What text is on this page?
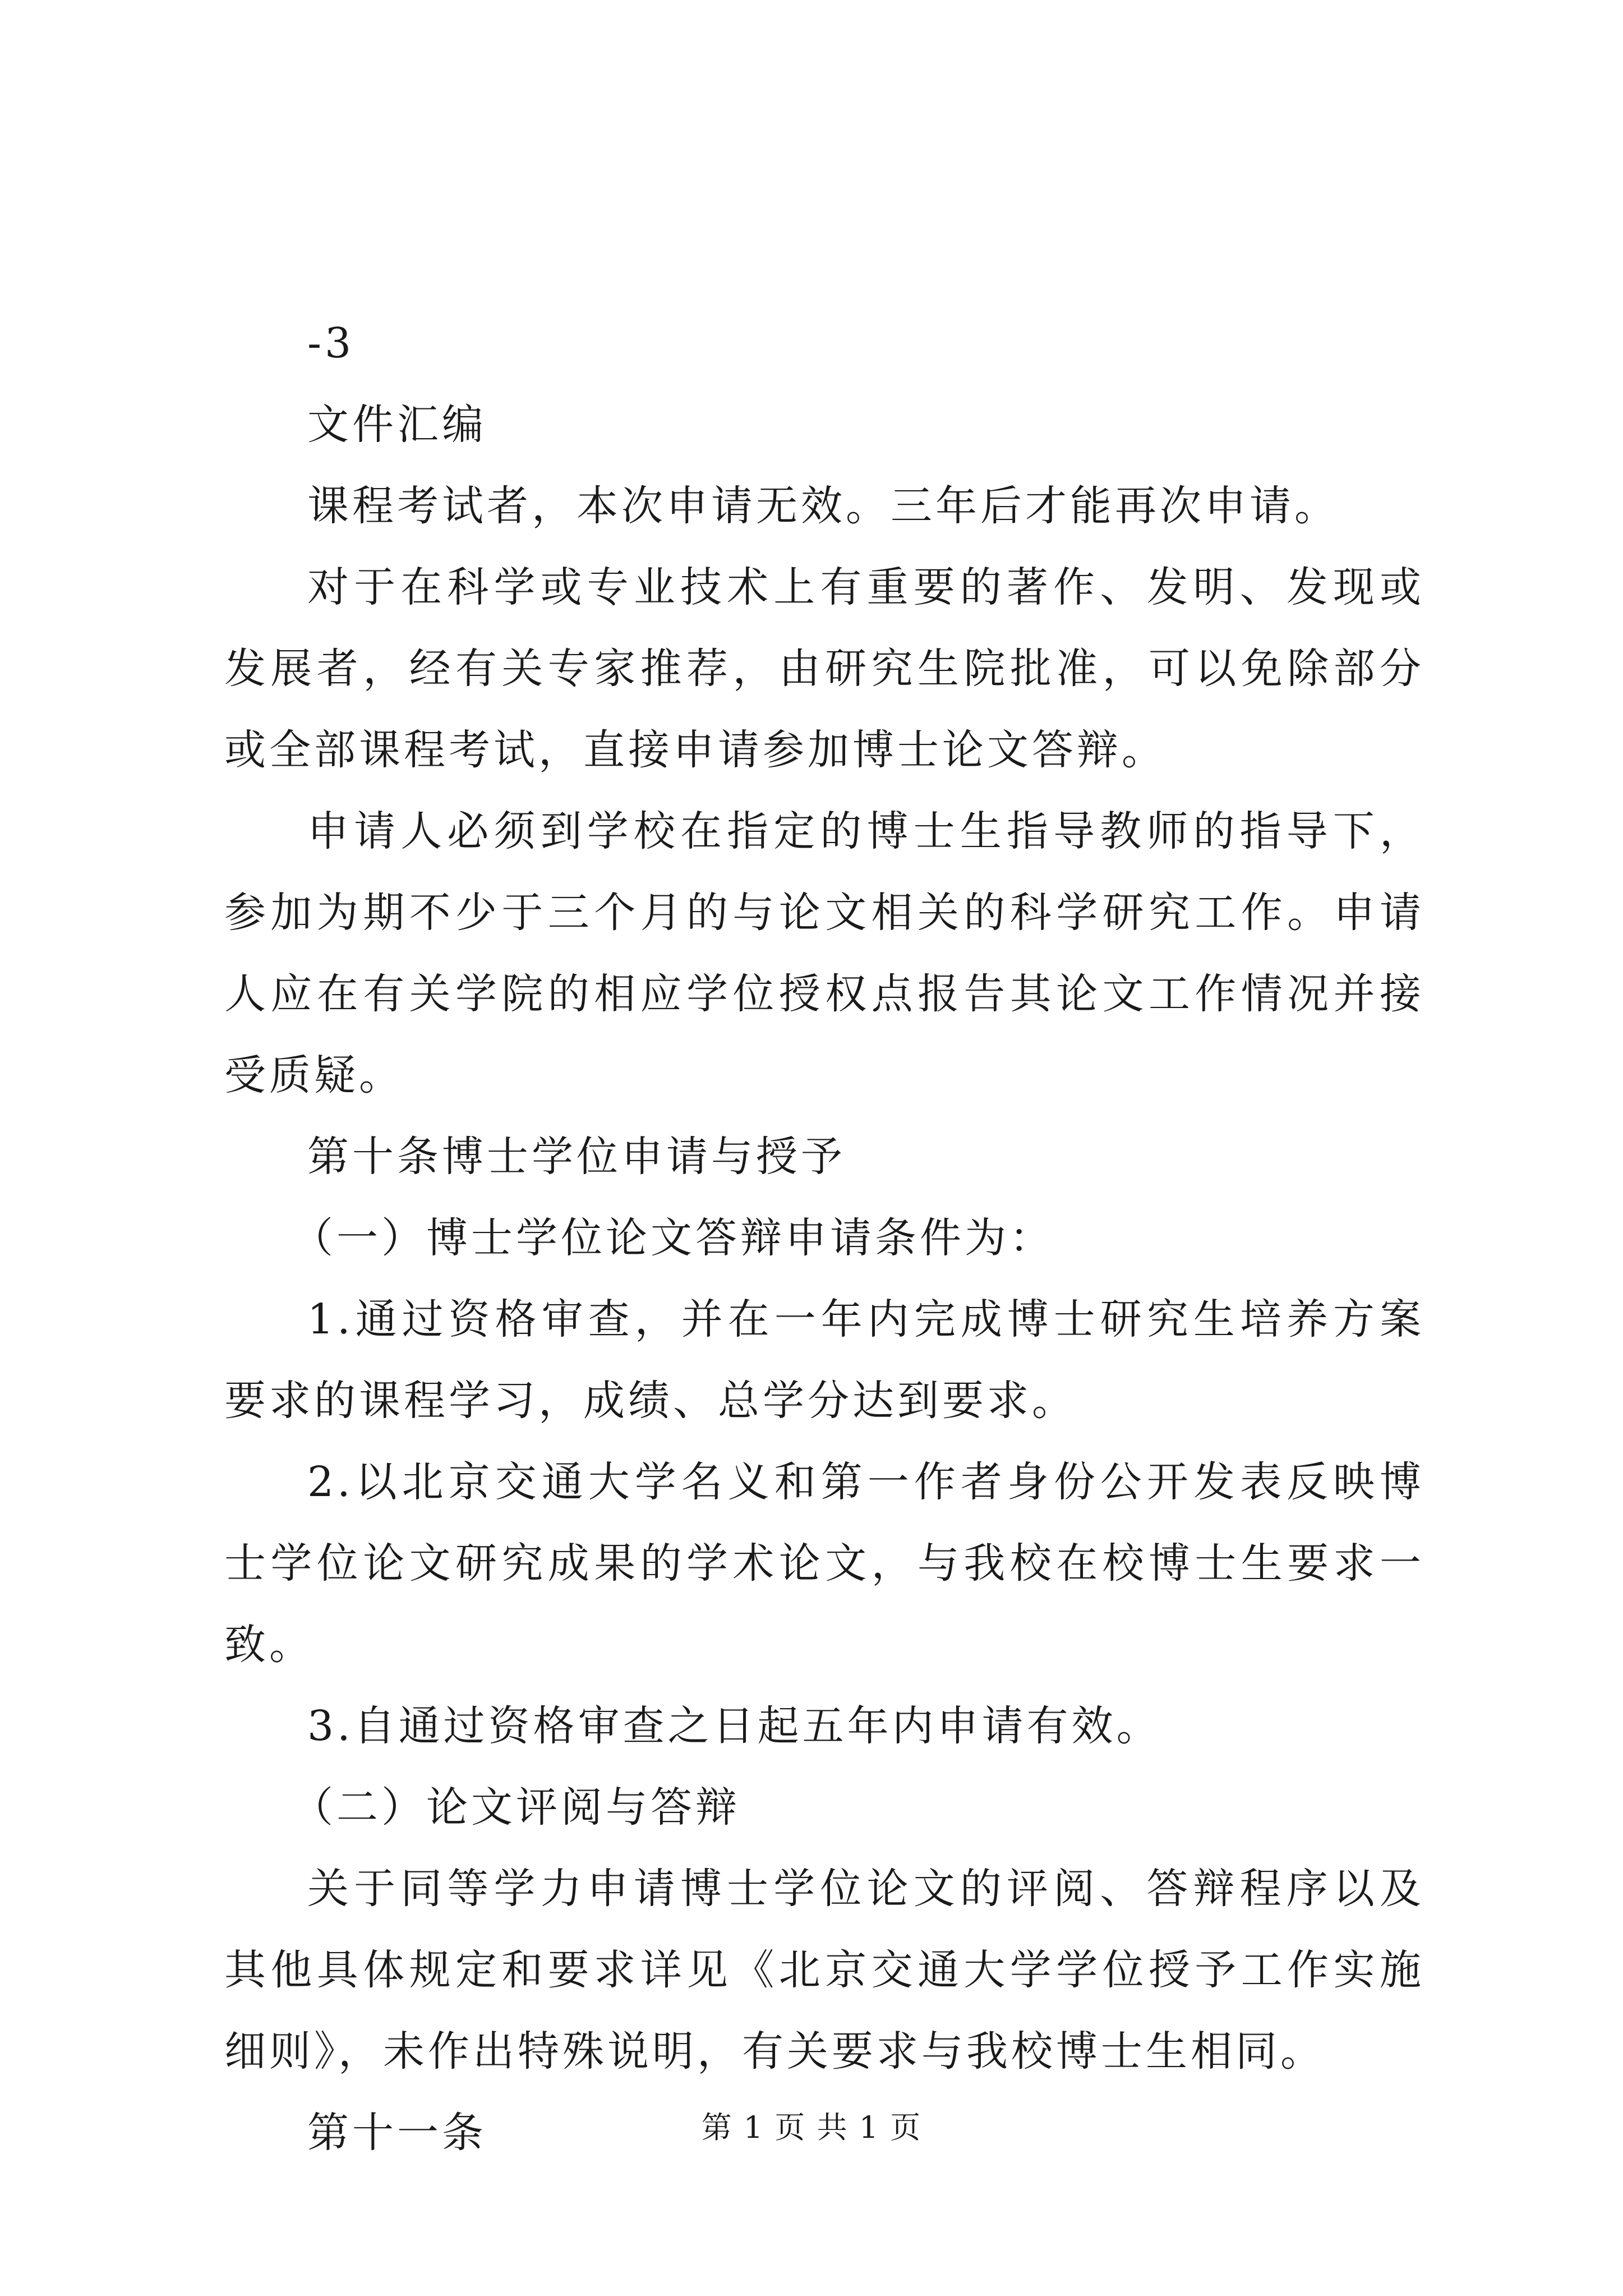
-3

文件汇编

课程考试者，本次申请无效。三年后才能再次申请。

对于在科学或专业技术上有重要的著作、发明、发现或发展者，经有关专家推荐，由研究生院批准，可以免除部分或全部课程考试，直接申请参加博士论文答辩。

申请人必须到学校在指定的博士生指导教师的指导下，参加为期不少于三个月的与论文相关的科学研究工作。申请人应在有关学院的相应学位授权点报告其论文工作情况并接受质疑。

第十条博士学位申请与授予

（一）博士学位论文答辩申请条件为：

1.通过资格审查，并在一年内完成博士研究生培养方案要求的课程学习，成绩、总学分达到要求。

2.以北京交通大学名义和第一作者身份公开发表反映博士学位论文研究成果的学术论文，与我校在校博士生要求一致。

3.自通过资格审查之日起五年内申请有效。

（二）论文评阅与答辩

关于同等学力申请博士学位论文的评阅、答辩程序以及其他具体规定和要求详见《北京交通大学学位授予工作实施细则》，未作出特殊说明，有关要求与我校博士生相同。

第十一条	第 1 页 共 1 页
